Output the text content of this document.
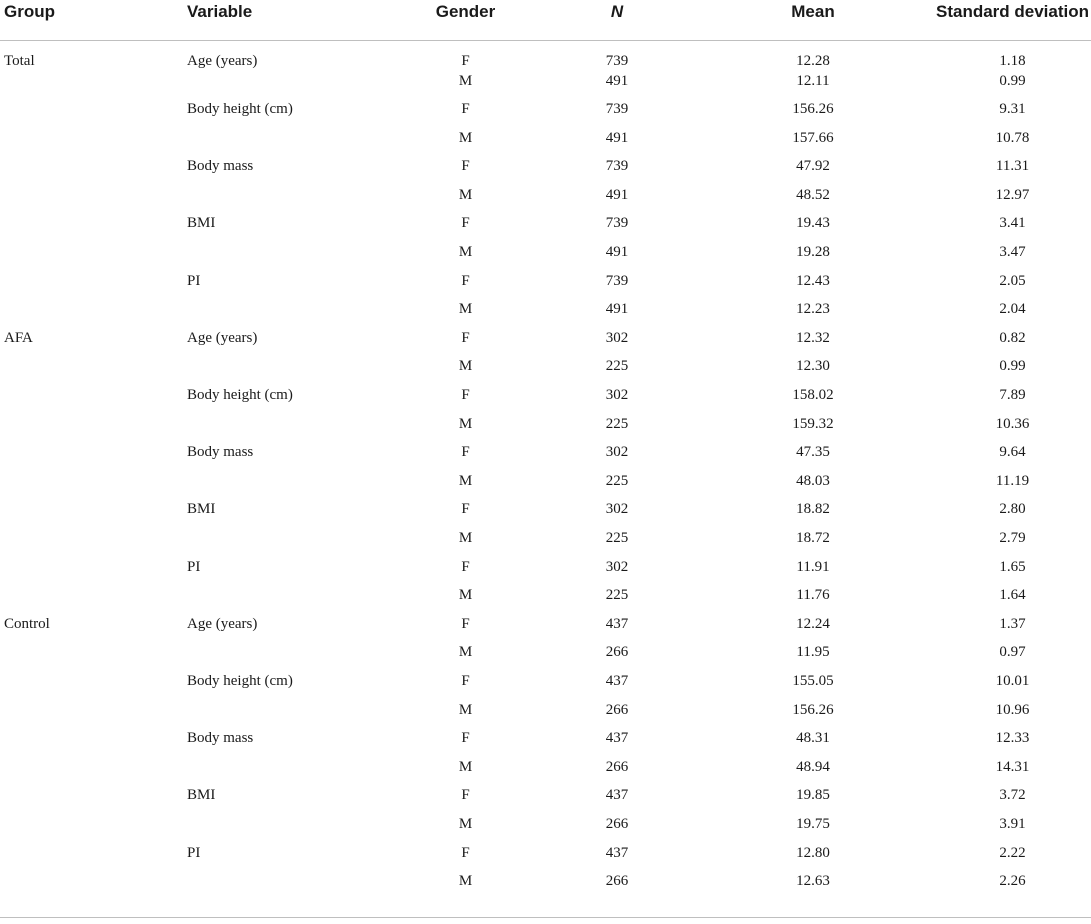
Group	Variable	Gender	N	Mean	Standard deviation
Total	Age (years)	F	739	12.28	1.18
		M	491	12.11	0.99
	Body height (cm)	F	739	156.26	9.31
		M	491	157.66	10.78
	Body mass	F	739	47.92	11.31
		M	491	48.52	12.97
	BMI	F	739	19.43	3.41
		M	491	19.28	3.47
	PI	F	739	12.43	2.05
		M	491	12.23	2.04
AFA	Age (years)	F	302	12.32	0.82
		M	225	12.30	0.99
	Body height (cm)	F	302	158.02	7.89
		M	225	159.32	10.36
	Body mass	F	302	47.35	9.64
		M	225	48.03	11.19
	BMI	F	302	18.82	2.80
		M	225	18.72	2.79
	PI	F	302	11.91	1.65
		M	225	11.76	1.64
Control	Age (years)	F	437	12.24	1.37
		M	266	11.95	0.97
	Body height (cm)	F	437	155.05	10.01
		M	266	156.26	10.96
	Body mass	F	437	48.31	12.33
		M	266	48.94	14.31
	BMI	F	437	19.85	3.72
		M	266	19.75	3.91
	PI	F	437	12.80	2.22
		M	266	12.63	2.26
